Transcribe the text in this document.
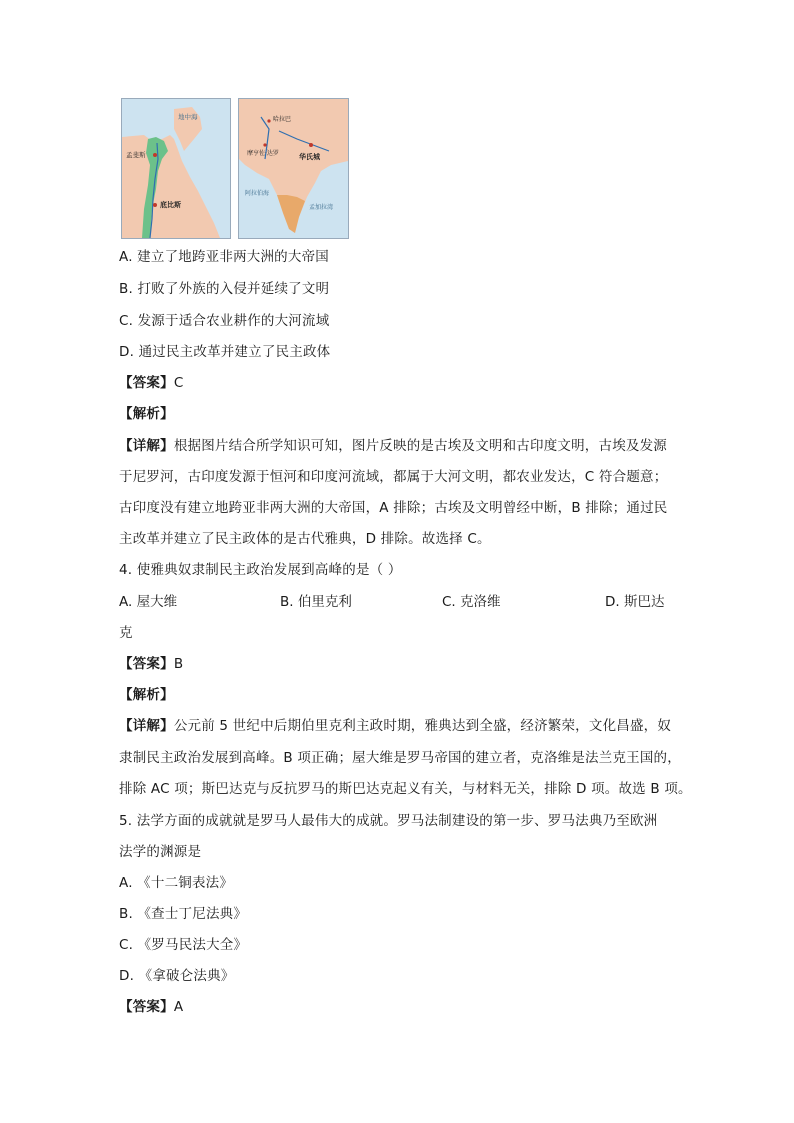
地中海
孟斐斯
底比斯
哈拉巴
摩亨佐·达罗	华氏城
阿拉伯海
孟加拉湾
A. 建立了地跨亚非两大洲的大帝国
B. 打败了外族的入侵并延续了文明
C. 发源于适合农业耕作的大河流域
D. 通过民主改革并建立了民主政体
【答案】C
【解析】
【详解】根据图片结合所学知识可知，图片反映的是古埃及文明和古印度文明，古埃及发源
于尼罗河，古印度发源于恒河和印度河流域，都属于大河文明，都农业发达，C 符合题意；
古印度没有建立地跨亚非两大洲的大帝国，A 排除；古埃及文明曾经中断，B 排除；通过民
主改革并建立了民主政体的是古代雅典，D 排除。故选择 C。
4. 使雅典奴隶制民主政治发展到高峰的是（ ）
A. 屋大维	B. 伯里克利	C. 克洛维	D. 斯巴达
克
【答案】B
【解析】
【详解】公元前 5 世纪中后期伯里克利主政时期，雅典达到全盛，经济繁荣，文化昌盛，奴
隶制民主政治发展到高峰。B 项正确；屋大维是罗马帝国的建立者，克洛维是法兰克王国的，
排除 AC 项；斯巴达克与反抗罗马的斯巴达克起义有关，与材料无关，排除 D 项。故选 B 项。
5. 法学方面的成就就是罗马人最伟大的成就。罗马法制建设的第一步、罗马法典乃至欧洲
法学的渊源是
A. 《十二铜表法》
B. 《查士丁尼法典》
C. 《罗马民法大全》
D. 《拿破仑法典》
【答案】A
